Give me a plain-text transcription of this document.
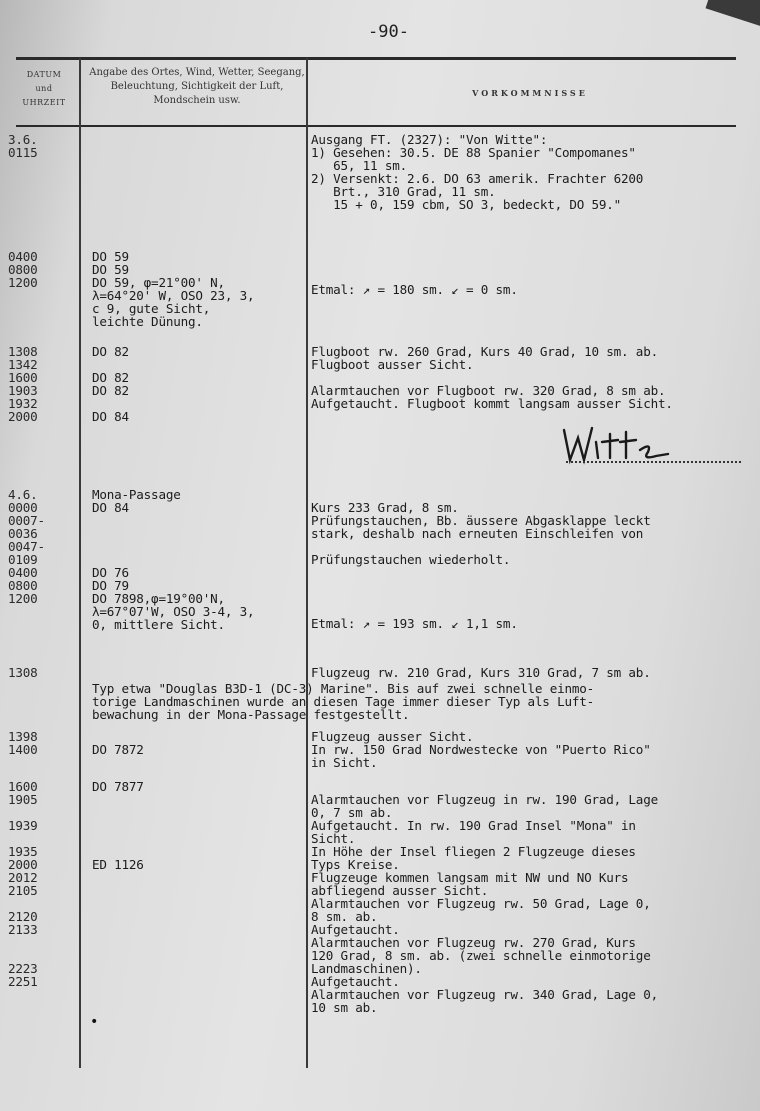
-90-
DATUM
und
UHRZEIT
Angabe des Ortes, Wind, Wetter, Seegang, Beleuchtung, Sichtigkeit der Luft, Mondschein usw.
VORKOMMNISSE
3.6.
0115
Ausgang FT. (2327): "Von Witte":
1) Gesehen: 30.5. DE 88 Spanier "Compomanes"
65, 11 sm.
2) Versenkt: 2.6. DO 63 amerik. Frachter 6200
Brt., 310 Grad, 11 sm.
15 + 0, 159 cbm, SO 3, bedeckt, DO 59."
0400
0800
1200
DO 59
DO 59
DO 59, φ=21°00' N,
λ=64°20' W, OSO 23, 3,
c 9, gute Sicht,
leichte Dünung.
Etmal: ↗ = 180 sm. ↙ = 0 sm.
1308
1342
1600
1903
1932
2000
DO 82

DO 82
DO 82

DO 84
Flugboot rw. 260 Grad, Kurs 40 Grad, 10 sm. ab.
Flugboot ausser Sicht.

Alarmtauchen vor Flugboot rw. 320 Grad, 8 sm ab.
Aufgetaucht. Flugboot kommt langsam ausser Sicht.
4.6.
0000
0007-
0036
0047-
0109
0400
0800
1200
Mona-Passage
DO 84

DO 76
DO 79
DO 7898,φ=19°00'N,
λ=67°07'W, OSO 3-4, 3,
0, mittlere Sicht.

Kurs 233 Grad, 8 sm.
Prüfungstauchen, Bb. äussere Abgasklappe leckt
stark, deshalb nach erneuten Einschleifen von

Prüfungstauchen wiederholt.
Etmal: ↗ = 193 sm. ↙ 1,1 sm.
1308	Flugzeug rw. 210 Grad, Kurs 310 Grad, 7 sm ab.
Typ etwa "Douglas B3D-1 (DC-3) Marine". Bis auf zwei schnelle einmo-
torige Landmaschinen wurde an diesen Tage immer dieser Typ als Luft-
bewachung in der Mona-Passage festgestellt.
1398
1400	
DO 7872
Flugzeug ausser Sicht.
In rw. 150 Grad Nordwestecke von "Puerto Rico"
in Sicht.
1600
1905

1939

1935
2000
2012
2105

2120
2133

2223
2251
DO 7877

ED 1126

Alarmtauchen vor Flugzeug in rw. 190 Grad, Lage
0, 7 sm ab.
Aufgetaucht. In rw. 190 Grad Insel "Mona" in
Sicht.
In Höhe der Insel fliegen 2 Flugzeuge dieses
Typs Kreise.
Flugzeuge kommen langsam mit NW und NO Kurs
abfliegend ausser Sicht.
Alarmtauchen vor Flugzeug rw. 50 Grad, Lage 0,
8 sm. ab.
Aufgetaucht.
Alarmtauchen vor Flugzeug rw. 270 Grad, Kurs
120 Grad, 8 sm. ab. (zwei schnelle einmotorige
Landmaschinen).
Aufgetaucht.
Alarmtauchen vor Flugzeug rw. 340 Grad, Lage 0,
10 sm ab.
•
